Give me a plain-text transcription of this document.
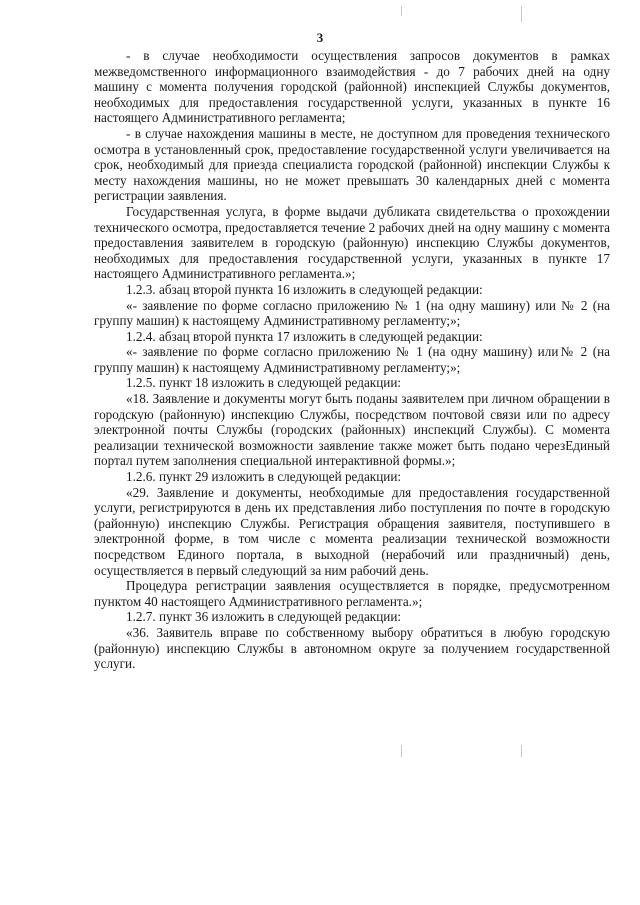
3

- в случае необходимости осуществления запросов документов в рамках межведомственного информационного взаимодействия - до 7 рабочих дней на одну машину с момента получения городской (районной) инспекцией Службы документов, необходимых для предоставления государственной услуги, указанных в пункте 16 настоящего Административного регламента;

- в случае нахождения машины в месте, не доступном для проведения технического осмотра в установленный срок, предоставление государственной услуги увеличивается на срок, необходимый для приезда специалиста городской (районной) инспекции Службы к месту нахождения машины, но не может превышать 30 календарных дней с момента регистрации заявления.

Государственная услуга, в форме выдачи дубликата свидетельства о прохождении технического осмотра, предоставляется течение 2 рабочих дней на одну машину с момента предоставления заявителем в городскую (районную) инспекцию Службы документов, необходимых для предоставления государственной услуги, указанных в пункте 17 настоящего Административного регламента.»;

1.2.3. абзац второй пункта 16 изложить в следующей редакции:

«- заявление по форме согласно приложению № 1 (на одну машину) или № 2 (на группу машин) к настоящему Административному регламенту;»;

1.2.4. абзац второй пункта 17 изложить в следующей редакции:

«- заявление по форме согласно приложению № 1 (на одну машину) или№ 2 (на группу машин) к настоящему Административному регламенту;»;

1.2.5. пункт 18 изложить в следующей редакции:

«18. Заявление и документы могут быть поданы заявителем при личном обращении в городскую (районную) инспекцию Службы, посредством почтовой связи или по адресу электронной почты Службы (городских (районных) инспекций Службы). С момента реализации технической возможности заявление также может быть подано черезЕдиный портал путем заполнения специальной интерактивной формы.»;

1.2.6. пункт 29 изложить в следующей редакции:

«29. Заявление и документы, необходимые для предоставления государственной услуги, регистрируются в день их представления либо поступления по почте в городскую (районную) инспекцию Службы. Регистрация обращения заявителя, поступившего в электронной форме, в том числе с момента реализации технической возможности посредством Единого портала, в выходной (нерабочий или праздничный) день, осуществляется в первый следующий за ним рабочий день.

Процедура регистрации заявления осуществляется в порядке, предусмотренном пунктом 40 настоящего Административного регламента.»;

1.2.7. пункт 36 изложить в следующей редакции:

«36. Заявитель вправе по собственному выбору обратиться в любую городскую (районную) инспекцию Службы в автономном округе за получением государственной услуги.
